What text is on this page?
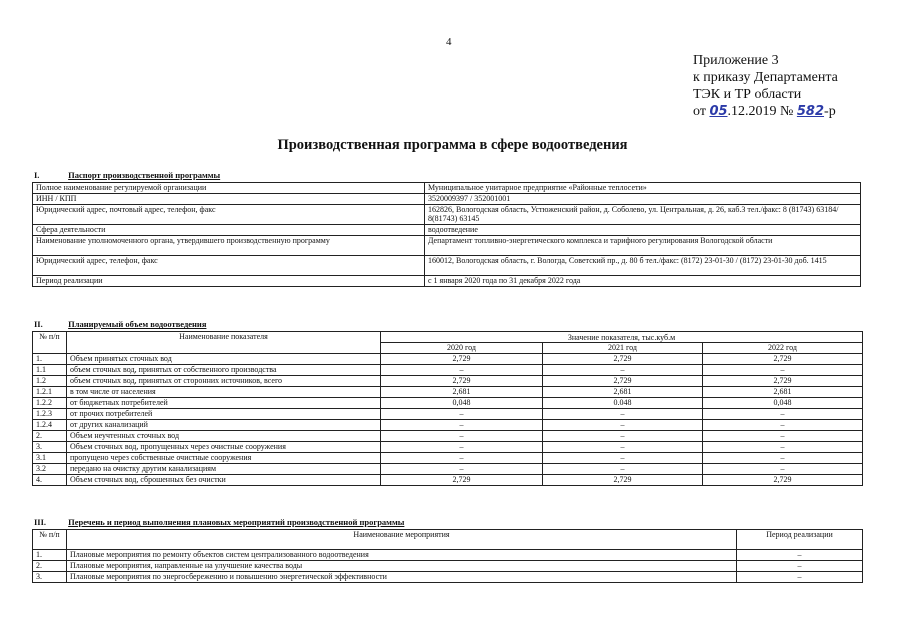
4
Приложение 3
к приказу Департамента
ТЭК и ТР области
от 05.12.2019 № 582-р
Производственная программа в сфере водоотведения
I.	Паспорт производственной программы
Полное наименование регулируемой организации	Муниципальное унитарное предприятие «Районные теплосети»
ИНН / КПП	3520009397 / 352001001
Юридический адрес, почтовый адрес, телефон, факс	162826, Вологодская область, Устюженский район, д. Соболево, ул. Центральная, д. 26, каб.3 тел./факс: 8 (81743) 63184/ 8(81743) 63145
Сфера деятельности	водоотведение
Наименование уполномоченного органа, утвердившего производственную программу	Департамент топливно-энергетического комплекса и тарифного регулирования Вологодской области
Юридический адрес, телефон, факс	160012, Вологодская область, г. Вологда, Советский пр., д. 80 б тел./факс: (8172) 23-01-30 / (8172) 23-01-30 доб. 1415
Период реализации	с 1 января 2020 года по 31 декабря 2022 года
II.	Планируемый объем водоотведения
№ п/п	Наименование показателя	Значение показателя, тыс.куб.м		
		2020 год	2021 год	2022 год
1.	Объем принятых сточных вод	2,729	2,729	2,729
1.1	объем сточных вод, принятых от собственного производства	–	–	–
1.2	объем сточных вод, принятых от сторонних источников, всего	2,729	2,729	2,729
1.2.1	в том числе от населения	2,681	2,681	2,681
1.2.2	от бюджетных потребителей	0,048	0.048	0,048
1.2.3	от прочих потребителей	–	–	–
1.2.4	от других канализаций	–	–	–
2.	Объем неучтенных сточных вод	–	–	–
3.	Объем сточных вод, пропущенных через очистные сооружения	–	–	–
3.1	пропущено через собственные очистные сооружения	–	–	–
3.2	передано на очистку другим канализациям	–	–	–
4.	Объем сточных вод, сброшенных без очистки	2,729	2,729	2,729
III.	Перечень и период выполнения плановых мероприятий производственной программы
№ п/п	Наименование мероприятия	Период реализации
1.	Плановые мероприятия по ремонту объектов систем централизованного водоотведения	–
2.	Плановые мероприятия, направленные на улучшение качества воды	–
3.	Плановые мероприятия по энергосбережению и повышению энергетической эффективности	–
